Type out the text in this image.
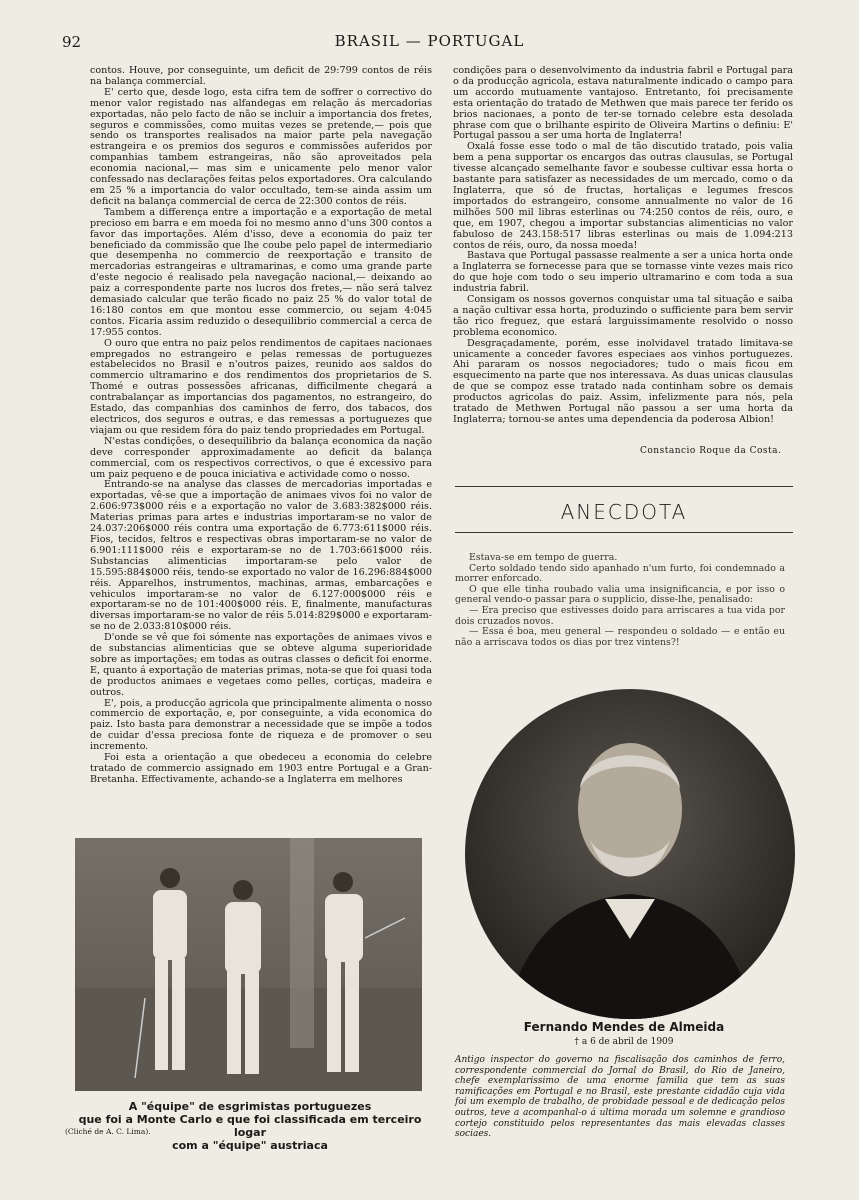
92	BRASIL — PORTUGAL

contos. Houve, por conseguinte, um deficit de 29:799 contos de réis na balança commercial.

E' certo que, desde logo, esta cifra tem de soffrer o correctivo do menor valor registado nas alfandegas em relação ás mercadorias exportadas, não pelo facto de não se incluir a importancia dos fretes, seguros e commissões, como muitas vezes se pretende,— pois que sendo os transportes realisados na maior parte pela navegação estrangeira e os premios dos seguros e commissões auferidos por companhias tambem estrangeiras, não são aproveitados pela economia nacional,— mas sim e unicamente pelo menor valor confessado nas declarações feitas pelos exportadores. Ora calculando em 25 % a importancia do valor occultado, tem-se ainda assim um deficit na balança commercial de cerca de 22:300 contos de réis.

Tambem a differença entre a importação e a exportação de metal precioso em barra e em moeda foi no mesmo anno d'uns 300 contos a favor das importações. Além d'isso, deve a economia do paiz ter beneficiado da commissão que lhe coube pelo papel de intermediario que desempenha no commercio de reexportação e transito de mercadorias estrangeiras e ultramarinas, e como uma grande parte d'este negocio é realisado pela navegação nacional,— deixando ao paiz a correspondente parte nos lucros dos fretes,— não será talvez demasiado calcular que terão ficado no paiz 25 % do valor total de 16:180 contos em que montou esse commercio, ou sejam 4:045 contos. Ficaria assim reduzido o desequilibrio commercial a cerca de 17:955 contos.

O ouro que entra no paiz pelos rendimentos de capitaes nacionaes empregados no estrangeiro e pelas remessas de portuguezes estabelecidos no Brasil e n'outros paizes, reunido aos saldos do commercio ultramarino e dos rendimentos dos proprietarios de S. Thomé e outras possessões africanas, difficilmente chegará a contrabalançar as importancias dos pagamentos, no estrangeiro, do Estado, das companhias dos caminhos de ferro, dos tabacos, dos electricos, dos seguros e outras, e das remessas a portuguezes que viajam ou que residem fóra do paiz tendo propriedades em Portugal.

N'estas condições, o desequilibrio da balança economica da nação deve corresponder approximadamente ao deficit da balança commercial, com os respectivos correctivos, o que é excessivo para um paiz pequeno e de pouca iniciativa e actividade como o nosso.

Entrando-se na analyse das classes de mercadorias importadas e exportadas, vê-se que a importação de animaes vivos foi no valor de 2.606:973$000 réis e a exportação no valor de 3.683:382$000 réis. Materias primas para artes e industrias importaram-se no valor de 24.037:206$000 réis contra uma exportação de 6.773:611$000 réis. Fios, tecidos, feltros e respectivas obras importaram-se no valor de 6.901:111$000 réis e exportaram-se no de 1.703:661$000 réis. Substancias alimenticias importaram-se pelo valor de 15.595:884$000 réis, tendo-se exportado no valor de 16.296:884$000 réis. Apparelhos, instrumentos, machinas, armas, embarcações e vehiculos importaram-se no valor de 6.127:000$000 réis e exportaram-se no de 101:400$000 réis. E, finalmente, manufacturas diversas importaram-se no valor de réis 5.014:829$000 e exportaram-se no de 2.033:810$000 réis.

D'onde se vê que foi sómente nas exportações de animaes vivos e de substancias alimenticias que se obteve alguma superioridade sobre as importações; em todas as outras classes o deficit foi enorme. E, quanto á exportação de materias primas, nota-se que foi quasi toda de productos animaes e vegetaes como pelles, cortiças, madeira e outros.

E', pois, a producção agricola que principalmente alimenta o nosso commercio de exportação, e, por conseguinte, a vida economica do paiz. Isto basta para demonstrar a necessidade que se impõe a todos de cuidar d'essa preciosa fonte de riqueza e de promover o seu incremento.

Foi esta a orientação a que obedeceu a economia do celebre tratado de commercio assignado em 1903 entre Portugal e a Gran-Bretanha. Effectivamente, achando-se a Inglaterra em melhores

condições para o desenvolvimento da industria fabril e Portugal para o da producção agricola, estava naturalmente indicado o campo para um accordo mutuamente vantajoso. Entretanto, foi precisamente esta orientação do tratado de Methwen que mais parece ter ferido os brios nacionaes, a ponto de ter-se tornado celebre esta desolada phrase com que o brilhante espirito de Oliveira Martins o definiu: E' Portugal passou a ser uma horta de Inglaterra!

Oxalá fosse esse todo o mal de tão discutido tratado, pois valia bem a pena supportar os encargos das outras clausulas, se Portugal tivesse alcançado semelhante favor e soubesse cultivar essa horta o bastante para satisfazer as necessidades de um mercado, como o da Inglaterra, que só de fructas, hortaliças e legumes frescos importados do estrangeiro, consome annualmente no valor de 16 milhões 500 mil libras esterlinas ou 74:250 contos de réis, ouro, e que, em 1907, chegou a importar substancias alimenticias no valor fabuloso de 243.158:517 libras esterlinas ou mais de 1.094:213 contos de réis, ouro, da nossa moeda!

Bastava que Portugal passasse realmente a ser a unica horta onde a Inglaterra se fornecesse para que se tornasse vinte vezes mais rico do que hoje com todo o seu imperio ultramarino e com toda a sua industria fabril.

Consigam os nossos governos conquistar uma tal situação e saiba a nação cultivar essa horta, produzindo o sufficiente para bem servir tão rico freguez, que estará larguissimamente resolvido o nosso problema economico.

Desgraçadamente, porém, esse inolvidavel tratado limitava-se unicamente a conceder favores especiaes aos vinhos portuguezes. Ahi pararam os nossos negociadores; tudo o mais ficou em esquecimento na parte que nos interessava. As duas unicas clausulas de que se compoz esse tratado nada continham sobre os demais productos agricolas do paiz. Assim, infelizmente para nós, pela tratado de Methwen Portugal não passou a ser uma horta da Inglaterra; tornou-se antes uma dependencia da poderosa Albion!

Constancio Roque da Costa.
ANECDOTA

Estava-se em tempo de guerra.

Certo soldado tendo sido apanhado n'um furto, foi condemnado a morrer enforcado.

O que elle tinha roubado valia uma insignificancia, e por isso o general vendo-o passar para o supplicio, disse-lhe, penalisado:

— Era preciso que estivesses doido para arriscares a tua vida por dois cruzados novos.

— Essa é boa, meu general — respondeu o soldado — e então eu não a arriscava todos os dias por trez vintens?!

A "équipe" de esgrimistas portuguezes
que foi a Monte Carlo e que foi classificada em terceiro logar
com a "équipe" austriaca
(Cliché de A. C. Lima).
Fernando Mendes de Almeida
† a 6 de abril de 1909
Antigo inspector do governo na fiscalisação dos caminhos de ferro, correspondente commercial do Jornal do Brasil, do Rio de Janeiro, chefe exemplarissimo de uma enorme familia que tem as suas ramificações em Portugal e no Brasil, este prestante cidadão cuja vida foi um exemplo de trabalho, de probidade pessoal e de dedicação pelos outros, teve a acompanhal-o á ultima morada um solemne e grandioso cortejo constituido pelos representantes das mais elevadas classes sociaes.
